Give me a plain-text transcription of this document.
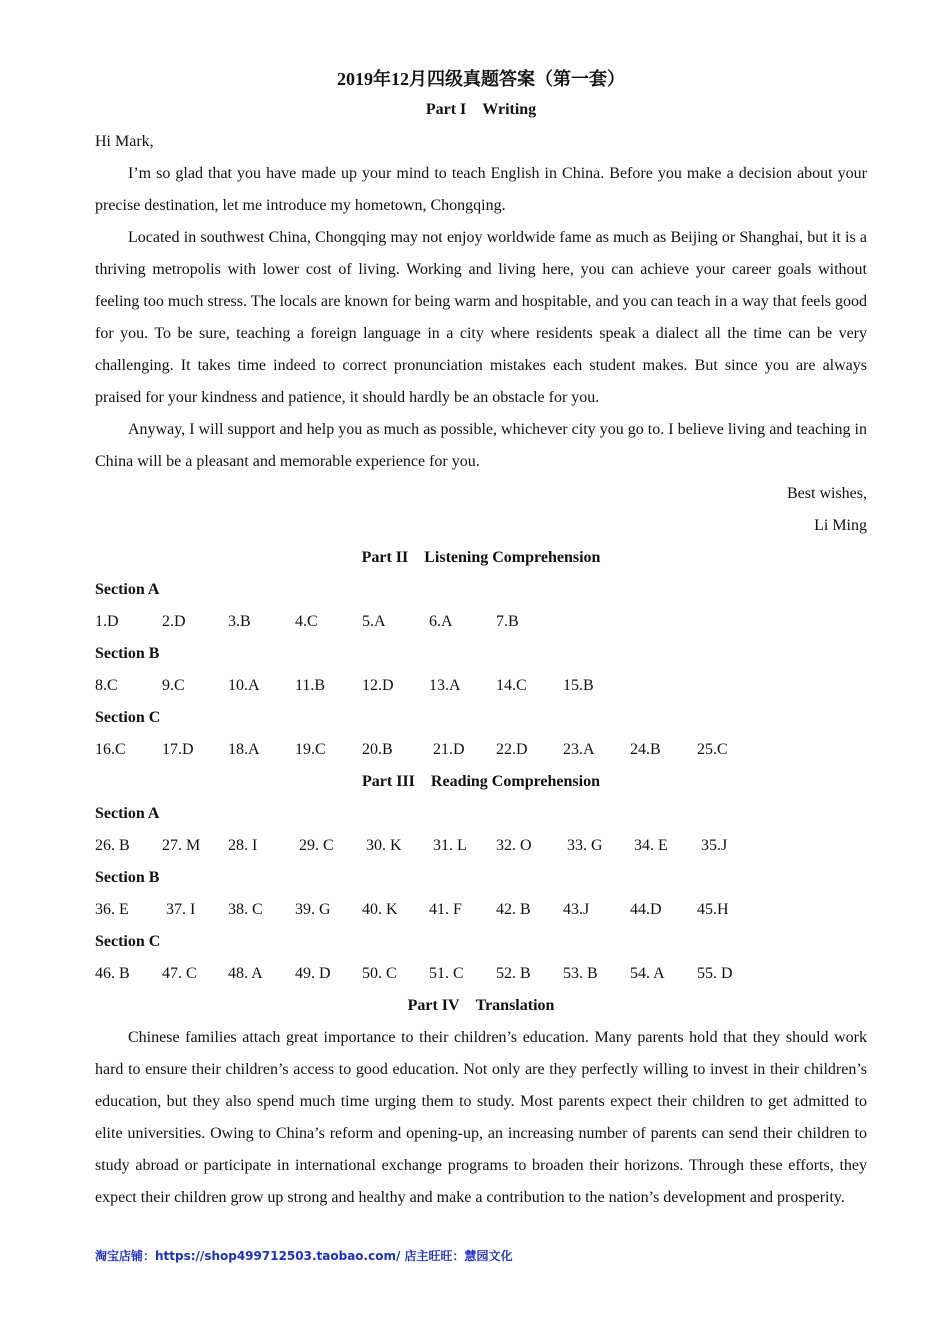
2019年12月四级真题答案（第一套）
Part I Writing
Hi Mark,

I’m so glad that you have made up your mind to teach English in China. Before you make a decision about your precise destination, let me introduce my hometown, Chongqing.

Located in southwest China, Chongqing may not enjoy worldwide fame as much as Beijing or Shanghai, but it is a thriving metropolis with lower cost of living. Working and living here, you can achieve your career goals without feeling too much stress. The locals are known for being warm and hospitable, and you can teach in a way that feels good for you. To be sure, teaching a foreign language in a city where residents speak a dialect all the time can be very challenging. It takes time indeed to correct pronunciation mistakes each student makes. But since you are always praised for your kindness and patience, it should hardly be an obstacle for you.

Anyway, I will support and help you as much as possible, whichever city you go to. I believe living and teaching in China will be a pleasant and memorable experience for you.

Best wishes,
Li Ming
Part II Listening Comprehension
Section A
1.D	2.D	3.B	4.C	5.A	6.A	7.B
Section B
8.C	9.C	10.A 11.B 12.D 13.A 14.C 15.B
Section C
16.C 17.D 18.A 19.C 20.B	21.D 22.D 23.A 24.B 25.C
Part III Reading Comprehension
Section A
26. B 27. M 28. I	29. C 30. K 31. L 32. O 33. G 34. E 35.J
Section B
36. E 37. I 38. C 39. G 40. K 41. F 42. B 43.J	44.D 45.H
Section C
46. B 47. C 48. A 49. D 50. C 51. C 52. B 53. B 54. A 55. D
Part IV Translation

Chinese families attach great importance to their children’s education. Many parents hold that they should work hard to ensure their children’s access to good education. Not only are they perfectly willing to invest in their children’s education, but they also spend much time urging them to study. Most parents expect their children to get admitted to elite universities. Owing to China’s reform and opening-up, an increasing number of parents can send their children to study abroad or participate in international exchange programs to broaden their horizons. Through these efforts, they expect their children grow up strong and healthy and make a contribution to the nation’s development and prosperity.

淘宝店铺：https://shop499712503.taobao.com/ 店主旺旺：慧园文化
